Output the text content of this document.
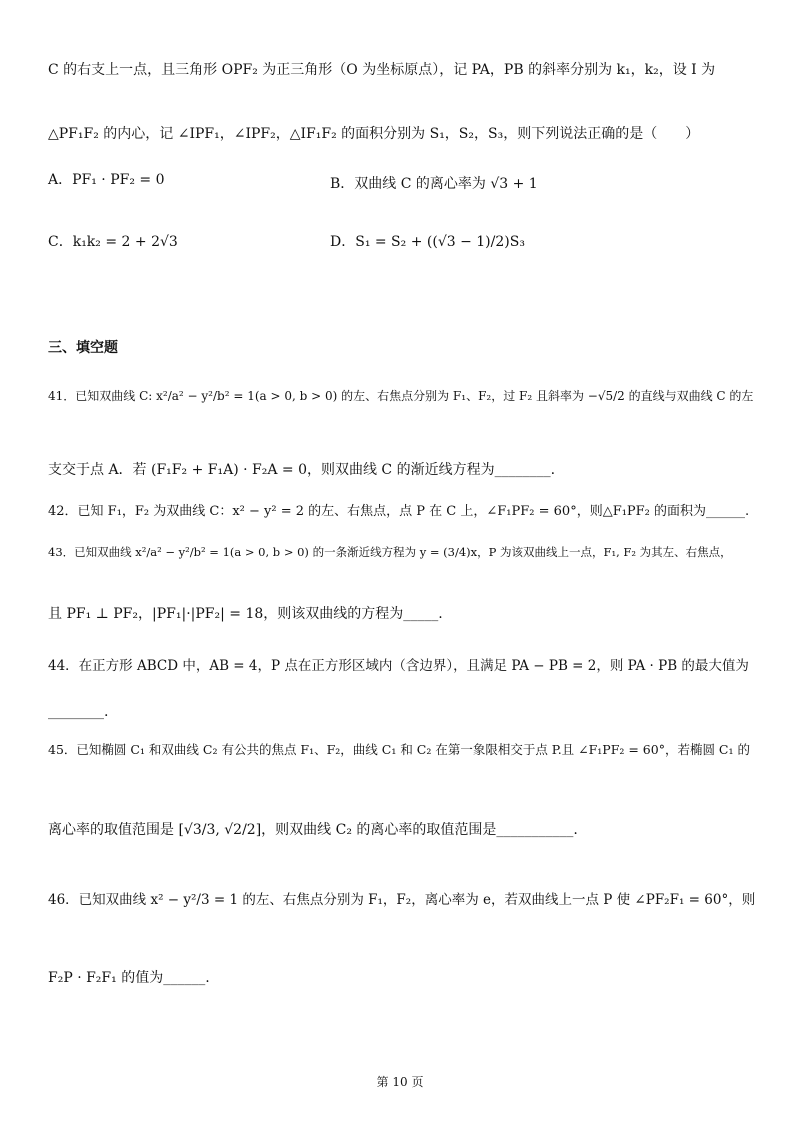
C 的右支上一点，且三角形 OPF₂ 为正三角形（O 为坐标原点），记 PA，PB 的斜率分别为 k₁，k₂，设 I 为
△PF₁F₂ 的内心，记 ∠IPF₁，∠IPF₂，△IF₁F₂ 的面积分别为 S₁，S₂，S₃，则下列说法正确的是（　　）
A．PF₁ · PF₂ = 0	B．双曲线 C 的离心率为 √3 + 1
C．k₁k₂ = 2 + 2√3	D．S₁ = S₂ + ((√3 − 1)/2)S₃
三、填空题
41．已知双曲线 C: x²/a² − y²/b² = 1(a > 0, b > 0) 的左、右焦点分别为 F₁、F₂，过 F₂ 且斜率为 −√5/2 的直线与双曲线 C 的左
支交于点 A．若 (F₁F₂ + F₁A) · F₂A = 0，则双曲线 C 的渐近线方程为________.
42．已知 F₁，F₂ 为双曲线 C：x² − y² = 2 的左、右焦点，点 P 在 C 上，∠F₁PF₂ = 60°，则△F₁PF₂ 的面积为______.
43．已知双曲线 x²/a² − y²/b² = 1(a > 0, b > 0) 的一条渐近线方程为 y = (3/4)x，P 为该双曲线上一点，F₁, F₂ 为其左、右焦点，
且 PF₁ ⊥ PF₂，|PF₁|·|PF₂| = 18，则该双曲线的方程为_____.
44．在正方形 ABCD 中，AB = 4，P 点在正方形区域内（含边界），且满足 PA − PB = 2，则 PA · PB 的最大值为
________.
45．已知椭圆 C₁ 和双曲线 C₂ 有公共的焦点 F₁、F₂，曲线 C₁ 和 C₂ 在第一象限相交于点 P.且 ∠F₁PF₂ = 60°，若椭圆 C₁ 的
离心率的取值范围是 [√3/3, √2/2]，则双曲线 C₂ 的离心率的取值范围是___________.
46．已知双曲线 x² − y²/3 = 1 的左、右焦点分别为 F₁，F₂，离心率为 e，若双曲线上一点 P 使 ∠PF₂F₁ = 60°，则
F₂P · F₂F₁ 的值为______.
第 10 页
